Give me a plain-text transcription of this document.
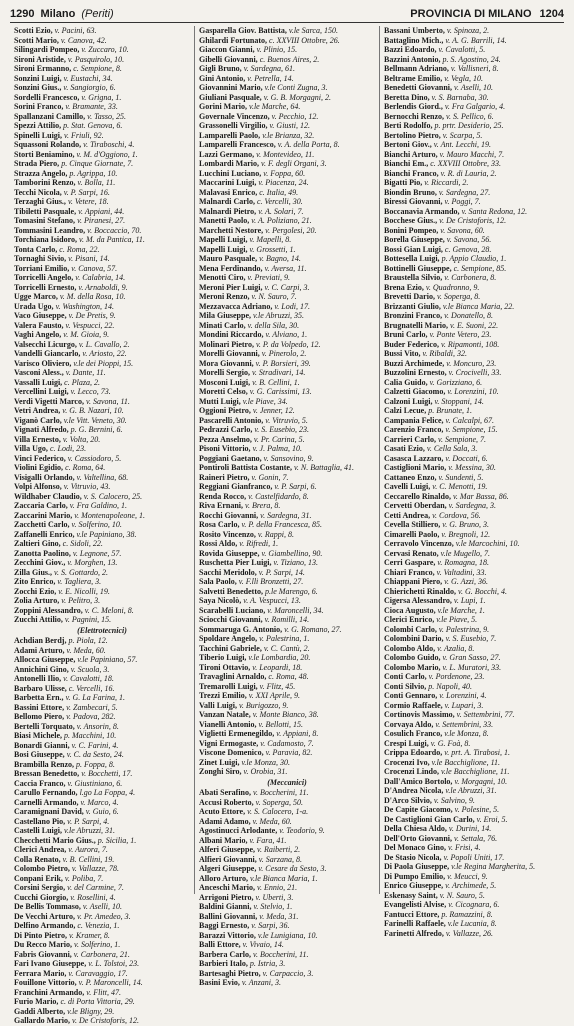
1290 Milano (Periti)	PROVINCIA DI MILANO 1204
Scotti Ezio, v. Pacini, 63.
Scotti Mario, v. Canova, 42.
Silingardi Pompeo, v. Zuccaro, 10.
Sironi Aristide, v. Pasquirolo, 10.
Sironi Ermanno, c. Sempione, 8.
Sonzini Luigi, v. Eustachi, 34.
Sonzini Gius., v. Sangiorgio, 6.
Sordelli Francesco, v. Grigna, 1.
Sorini Franco, v. Bramante, 33.
Spallanzani Camillo, v. Tasso, 25.
Spezzi Attilio, p. Stat. Genova, 6.
Spinelli Luigi, v. Friuli, 92.
Squassoni Rolando, v. Tiraboschi, 4.
Storti Beniamino, v. M. d'Oggiono, 1.
Strada Piero, p. Cinque Giornate, 7.
Strazza Angelo, p. Agrippa, 10.
Tamborini Renzo, v. Bolla, 11.
Tecchi Nicola, v. P. Sarpi, 16.
Terzaghi Gius., v. Vetere, 18.
Tibiletti Pasquale, v. Appiani, 44.
Tomasini Stefano, v. Piranesi, 27.
Tommasini Leandro, v. Boccaccio, 70.
Torchiana Isidoro, v. M. da Pantica, 11.
Tonta Carlo, c. Roma, 22.
Tornaghi Sivio, v. Pisani, 14.
Torriani Emilio, v. Canova, 57.
Torricelli Angelo, v. Calabria, 14.
Torricelli Ernesto, v. Arnaboldi, 9.
Ugge Marco, v. M. della Rosa, 10.
Urada Ugo, v. Washington, 14.
Vaco Giuseppe, v. De Pretis, 9.
Valera Fausto, v. Vespucci, 22.
Vaghi Angelo, v. M. Gioia, 9.
Valsecchi Licurgo, v. L. Cavallo, 2.
Vandelli Giancarlo, v. Ariosto, 22.
Varisco Oliviero, v.le dei Pioppi, 15.
Vasconi Aless., v. Dante, 11.
Vassalli Luigi, c. Plaza, 2.
Vercellini Luigi, v. Lecco, 73.
Verdi Vigetti Marco, v. Savona, 11.
Vetri Andrea, v. G. B. Nazari, 10.
Viganò Carlo, v.le Vitt. Veneto, 30.
Vignati Alfredo, p. G. Bernini, 6.
Villa Ernesto, v. Volta, 20.
Villa Ugo, c. Lodi, 23.
Vinci Federico, v. Cassiodoro, 5.
Violini Egidio, c. Roma, 64.
Visigalli Orlando, v. Valtellina, 68.
Volpi Alfonso, v. Vitruvio, 43.
Wildhaber Claudio, v. S. Calocero, 25.
Zaccaria Carlo, v. Fra Galdino, 1.
Zaccarini Mario, v. Montenapoleone, 1.
Zacchetti Carlo, v. Solferino, 10.
Zaffanelli Enrico, v.le Papiniano, 38.
Zaltieri Gino, c. Sidoli, 22.
Zanotta Paolino, v. Legnone, 57.
Zecchini Giov., v. Morghen, 13.
Zilla Gius., v. S. Gottardo, 2.
Zito Enrico, v. Tagliera, 3.
Zocchi Ezio, v. E. Nicolli, 19.
Zolia Arturo, v. Pelitro, 3.
Zoppini Alessandro, v. C. Meloni, 8.
Zucchi Attilio, v. Pagnini, 15.
(Elettrotecnici)
Achdian Berdj, p. Piola, 12.
Adami Arturo, v. Meda, 60.
Allocca Giuseppe, v.le Papiniano, 57.
Annichini Gino, v. Scuola, 3.
Antonelli Ilio, v. Cavalotti, 18.
Barbaro Ulisse, c. Vercelli, 16.
Barbetta Ern., v. G. La Farina, 1.
Bassini Ettore, v. Zambecari, 5.
Bellomo Piero, v. Padova, 282.
Bertelli Torquato, v. Ansorin, 8.
Biasi Michele, p. Macchini, 10.
Bonardi Gianni, v. C. Farini, 4.
Bosi Giuseppe, v. C. da Sesto, 24.
Brambilla Renzo, p. Foppa, 8.
Bressan Benedetto, v. Bocchetti, 17.
Caccia Franco, v. Giustiniano, 6.
Carullo Fernando, l.go La Foppa, 4.
Carnelli Armando, v. Marco, 4.
Caramignani David, v. Guio, 6.
Castellano Pio, v. P. Sarpi, 4.
Castelli Luigi, v.le Abruzzi, 31.
Checchetti Mario Gius., p. Sicilia, 1.
Clerici Andrea, v. Aurora, 7.
Colla Renato, v. B. Cellini, 19.
Colombo Pietro, v. Vallazze, 78.
Conpani Erik, v. Poliba, 7.
Corsini Sergio, v. del Carmine, 7.
Cucchi Giorgio, v. Rosellini, 4.
De Bellis Tommaso, v. Aselli, 10.
De Vecchi Arturo, v. Pr. Amedeo, 3.
Delfino Armando, c. Venezia, 1.
Di Pinto Pietro, v. Kramer, 8.
Du Recco Mario, v. Solferino, 1.
Fabris Giovanni, v. Carbonera, 21.
Fari Ivano Giuseppe, v. L. Tolstoi, 23.
Ferrara Mario, v. Caravaggio, 17.
Fouillone Vittorio, v. P. Maroncelli, 14.
Franchini Armando, v. Flitt, 47.
Furio Mario, c. di Porta Vittoria, 29.
Gaddi Alberto, v.le Bligny, 29.
Gallardo Mario, v. De Cristoforis, 12.
Gasparella Giov. Battista, v.le Sarca, 150.
Ghilardi Fortunato, c. XXVIII Ottobre, 26.
Giaccon Gianni, v. Plinio, 15.
Gibelli Giovanni, c. Buenos Aires, 2.
Gigli Bruno, v. Sardegna, 61.
Gini Antonio, v. Petrella, 14.
Giovannini Mario, v.le Conti Zugna, 3.
Giuliani Pasquale, v. G. B. Morgagni, 2.
Gorini Mario, v.le Marche, 64.
Governale Vincenzo, v. Pecchio, 12.
Grassonelli Virgilio, v. Giusti, 12.
Lamparelli Paolo, v.le Brianza, 32.
Lamparelli Francesco, v. A. della Porta, 8.
Lazzi Germano, v. Montevideo, 11.
Lombardi Mario, v. F. degli Organi, 3.
Lucchini Luciano, v. Foppa, 60.
Maccarini Luigi, v. Piacenza, 24.
Malavasi Enrico, c. Italia, 49.
Malnardi Carlo, c. Vercelli, 30.
Malnardi Pietro, v. A. Solari, 7.
Manetti Paolo, v. A. Poliziano, 21.
Marchetti Nestore, v. Pergolesi, 20.
Mapelli Luigi, v. Mapelli, 8.
Mapelli Luigi, v. Grossetti, 1.
Mauro Pasquale, v. Bagno, 14.
Mena Ferdinando, v. Aversa, 11.
Menotti Ciro, v. Previati, 9.
Meroni Pier Luigi, v. C. Carpi, 3.
Meroni Renzo, v. N. Sauro, 7.
Mezzavacca Adriano, v. Lodi, 17.
Mila Giuseppe, v.le Abruzzi, 35.
Minati Carlo, v. della Sila, 30.
Mondini Riccardo, v. Alviano, 1.
Molinari Pietro, v. P. da Volpedo, 12.
Morelli Giovanni, v. Pinerolo, 2.
Mora Giovanni, v. P. Borsieri, 39.
Morelli Sergio, v. Stradivari, 14.
Mosconi Luigi, v. B. Cellini, 1.
Moretti Celso, v. G. Carissimi, 13.
Mutti Luigi, v.le Piave, 34.
Oggioni Pietro, v. Jenner, 12.
Pascarelli Antonio, v. Vitruvio, 5.
Pedrazzi Carlo, v. S. Eusebio, 23.
Pezza Anselmo, v. Pr. Carina, 5.
Pisoni Vittorio, v. J. Palma, 10.
Poggiani Gaetano, v. Sansovino, 9.
Pontiroli Battista Costante, v. N. Battaglia, 41.
Raineri Pietro, v. Gonin, 7.
Reggiani Gianfranco, v. P. Sarpi, 6.
Renda Rocco, v. Castelfidardo, 8.
Riva Ernani, v. Brera, 8.
Rocchi Giovanni, v. Sardegna, 31.
Rosa Carlo, v. P. della Francesca, 85.
Rosito Vincenzo, v. Rappi, 8.
Rossi Aldo, v. Rifredi, 1.
Rovida Giuseppe, v. Giambellino, 90.
Ruschetta Pier Luigi, v. Tiziano, 13.
Sacchi Meridolo, v. P. Sarpi, 14.
Sala Paolo, v. F.lli Bronzetti, 27.
Salvetti Benedetto, p.le Marengo, 6.
Saya Nicolò, v. A. Vespucci, 13.
Scarabelli Luciano, v. Maroncelli, 34.
Sciocchi Giovanni, v. Romilli, 14.
Sommaruga G. Antonio, v. G. Romano, 27.
Spoldare Angelo, v. Palestrina, 1.
Tacchini Gabriele, v. C. Cantù, 2.
Tiberio Luigi, v.le Lombardia, 20.
Tironi Ottavio, v. Leopardi, 18.
Travaglini Arnaldo, c. Roma, 48.
Tremarolli Luigi, v. Flitz, 45.
Trezzi Emilio, v. XXI Aprile, 9.
Valli Luigi, v. Burigozzo, 9.
Vanzan Natale, v. Monte Bianco, 38.
Vianelli Antonio, v. Bellotti, 15.
Viglietti Ermenegildo, v. Appiani, 8.
Vigni Ermogaste, v. Cadamosto, 7.
Viscone Domenico, v. Paravia, 82.
Zinet Luigi, v.le Monza, 30.
Zonghi Siro, v. Orobia, 31.
(Meccanici)
Abati Serafino, v. Boccherini, 11.
Accusi Roberto, v. Soperga, 50.
Acuto Ettore, v. S. Calocero, 1-a.
Adami Adamo, v. Meda, 60.
Agostinucci Arlodante, v. Teodorio, 9.
Albani Mario, v. Fara, 41.
Alferi Giuseppe, v. Raiberti, 2.
Alfieri Giovanni, v. Sarzana, 8.
Algeri Giuseppe, v. Cesare da Sesto, 3.
Alloro Arturo, v.le Bianca Maria, 1.
Anceschi Mario, v. Ennio, 21.
Arrigoni Pietro, v. Uberti, 3.
Baldini Gianni, v. Stelvio, 1.
Ballini Giovanni, v. Meda, 31.
Baggi Ernesto, v. Sarpi, 36.
Barazzi Vittorio, v.le Lunigiana, 10.
Balli Ettore, v. Vivaio, 14.
Barbera Carlo, v. Boccherini, 11.
Barbieri Italo, p. Istria, 3.
Bartesaghi Pietro, v. Carpaccio, 3.
Basini Evio, v. Anzani, 3.
Bassani Umberto, v. Spinoza, 2.
Battaglino Mich., v. A. G. Barrili, 14.
Bazzi Edoardo, v. Cavalotti, 5.
Bazzini Antonio, p. S. Agostino, 24.
Bellmann Adriano, v. Vallisneri, 8.
Beltrame Emilio, v. Vegla, 10.
Benedetti Giovanni, v. Aselli, 10.
Beretta Dino, v. S. Barnaba, 30.
Berlendis Giord., v. Fra Galgario, 4.
Bernocchi Renzo, v. S. Pellico, 6.
Berti Rodolfo, p. prtr. Desiderio, 25.
Bertolino Pietro, v. Scarpa, 5.
Bertoni Giov., v. Ant. Lecchi, 19.
Bianchi Arturo, v. Mauro Macchi, 7.
Bianchi Em., c. XXVIII Ottobre, 33.
Bianchi Franco, v. R. di Lauria, 2.
Bigatti Pio, v. Riccardi, 2.
Biondin Bruno, v. Sardegna, 27.
Biressi Giovanni, v. Poggi, 7.
Boccanavia Armando, v. Santa Redona, 12.
Bocchese Gius., v. De Cristoforis, 12.
Bonini Pompeo, v. Savona, 60.
Borella Giuseppe, v. Savona, 56.
Bossi Gian Luigi, c. Genova, 28.
Bottesella Luigi, p. Appio Claudio, 1.
Bottinelli Giuseppe, c. Sempione, 85.
Braustella Silvio, v. Carbonera, 8.
Brena Ezio, v. Quadronno, 9.
Brevetti Dario, v. Soperga, 8.
Brizzanti Giulio, v.le Bianca Maria, 22.
Bronzini Franco, v. Donatello, 8.
Brugnatelli Mario, v. E. Suoni, 22.
Bruni Carlo, v. Ponte Vetero, 23.
Buder Federico, v. Ripamonti, 108.
Bussi Vito, v. Ribaldi, 32.
Buzzi Archimede, v. Moncuro, 23.
Buzzolini Ernesto, v. Crocivelli, 33.
Calia Guido, v. Gorizziano, 6.
Calzetti Giacomo, v. Lorenzini, 10.
Calzoni Luigi, v. Stoppani, 14.
Calzi Lecue, p. Brunate, 1.
Campania Felice, v. Calcalpi, 67.
Carenzio Franco, v. Sempione, 15.
Carrieri Carlo, v. Sempione, 7.
Casati Ezio, v. Cella Sala, 3.
Casasca Lazzaro, v. Doccati, 6.
Castiglioni Mario, v. Messina, 30.
Cattaneo Enzo, v. Sundenti, 5.
Cavelli Luigi, v. C. Menotti, 19.
Ceccarello Rinaldo, v. Mar Bassa, 86.
Cervetti Oberdan, v. Sardegna, 3.
Cetti Andrea, v. Cordova, 56.
Cevella Stilliero, v. G. Bruno, 3.
Cimarelli Paolo, v. Bregnoli, 12.
Cerravolo Vincenzo, v.le Marcochini, 10.
Cervasi Renato, v.le Mugello, 7.
Cerri Gaspare, v. Romagna, 18.
Chiari Franco, v. Valtadini, 33.
Chiappani Piero, v. G. Azzi, 36.
Chierichetti Rinaldo, v. G. Bocchi, 4.
Cigersa Alessandro, v. Lupi, 1.
Cioca Augusto, v.le Marche, 1.
Clerici Enrico, v.le Piave, 5.
Colombi Carlo, v. Palestrina, 9.
Colombini Dario, v. S. Eusebio, 7.
Colombo Aldo, v. Azalia, 8.
Colombo Guido, v. Gran Sasso, 27.
Colombo Mario, v. L. Muratori, 33.
Conti Carlo, v. Pordenone, 23.
Conti Silvio, p. Napoli, 40.
Conti Gennaro, v. Lorenzini, 4.
Cormio Raffaele, v. Lupari, 3.
Cortinovis Massimo, v. Settembrini, 77.
Corvaya Aldo, v. Settembrini, 33.
Cosulich Franco, v.le Monza, 8.
Crespi Luigi, v. G. Foà, 8.
Crippa Edoardo, v. prt. A. Tirabosi, 1.
Crocenzi Ivo, v.le Bacchiglione, 11.
Crocenzi Lindo, v.le Bacchiglione, 11.
Dall'Amico Bortolo, v. Morgagni, 10.
D'Andrea Nicola, v.le Abruzzi, 31.
D'Arco Silvio, v. Salvino, 9.
De Capite Giacomo, v. Polesine, 5.
De Castiglioni Gian Carlo, v. Eroi, 5.
Della Chiesa Aldo, v. Durini, 14.
Dell'Orto Giovanni, v. Settala, 76.
Del Monaco Gino, v. Frisi, 4.
De Stasio Nicola, v. Popoli Uniti, 17.
Di Paola Giuseppe, v.le Regina Margherita, 5.
Di Pumpo Emilio, v. Meucci, 9.
Enrico Giuseppe, v. Archimede, 5.
Eskenasy Saint, v. N. Sauro, 5.
Evangelisti Alvise, v. Cicognara, 6.
Fantucci Ettore, p. Ramazzini, 8.
Farinelli Raffaele, v.le Lucania, 8.
Farinetti Alfredo, v. Vallazze, 26.
